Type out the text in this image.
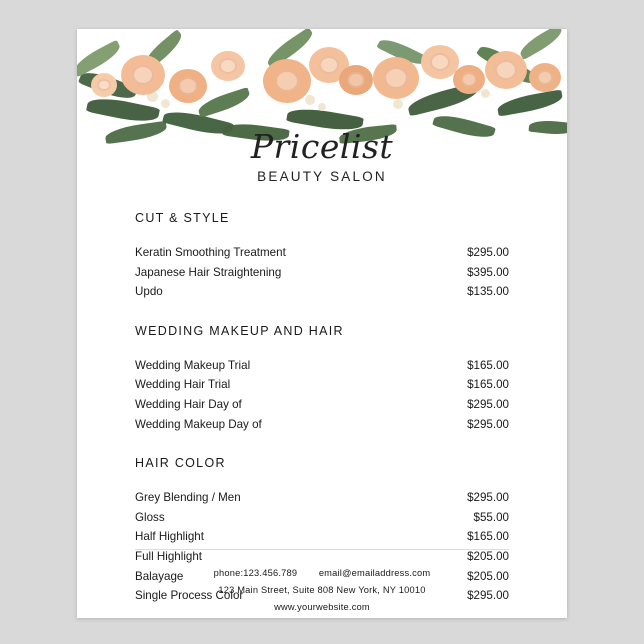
Pricelist
BEAUTY SALON
CUT & STYLE
Keratin Smoothing Treatment	$295.00
Japanese Hair Straightening	$395.00
Updo	$135.00
WEDDING MAKEUP AND HAIR
Wedding Makeup Trial	$165.00
Wedding Hair Trial	$165.00
Wedding Hair Day of	$295.00
Wedding Makeup Day of	$295.00
HAIR COLOR
Grey Blending / Men	$295.00
Gloss	$55.00
Half Highlight	$165.00
Full Highlight	$205.00
Balayage	$205.00
Single Process Color	$295.00
phone:123.456.789 email@emailaddress.com
123 Main Street, Suite 808 New York, NY 10010
www.yourwebsite.com
